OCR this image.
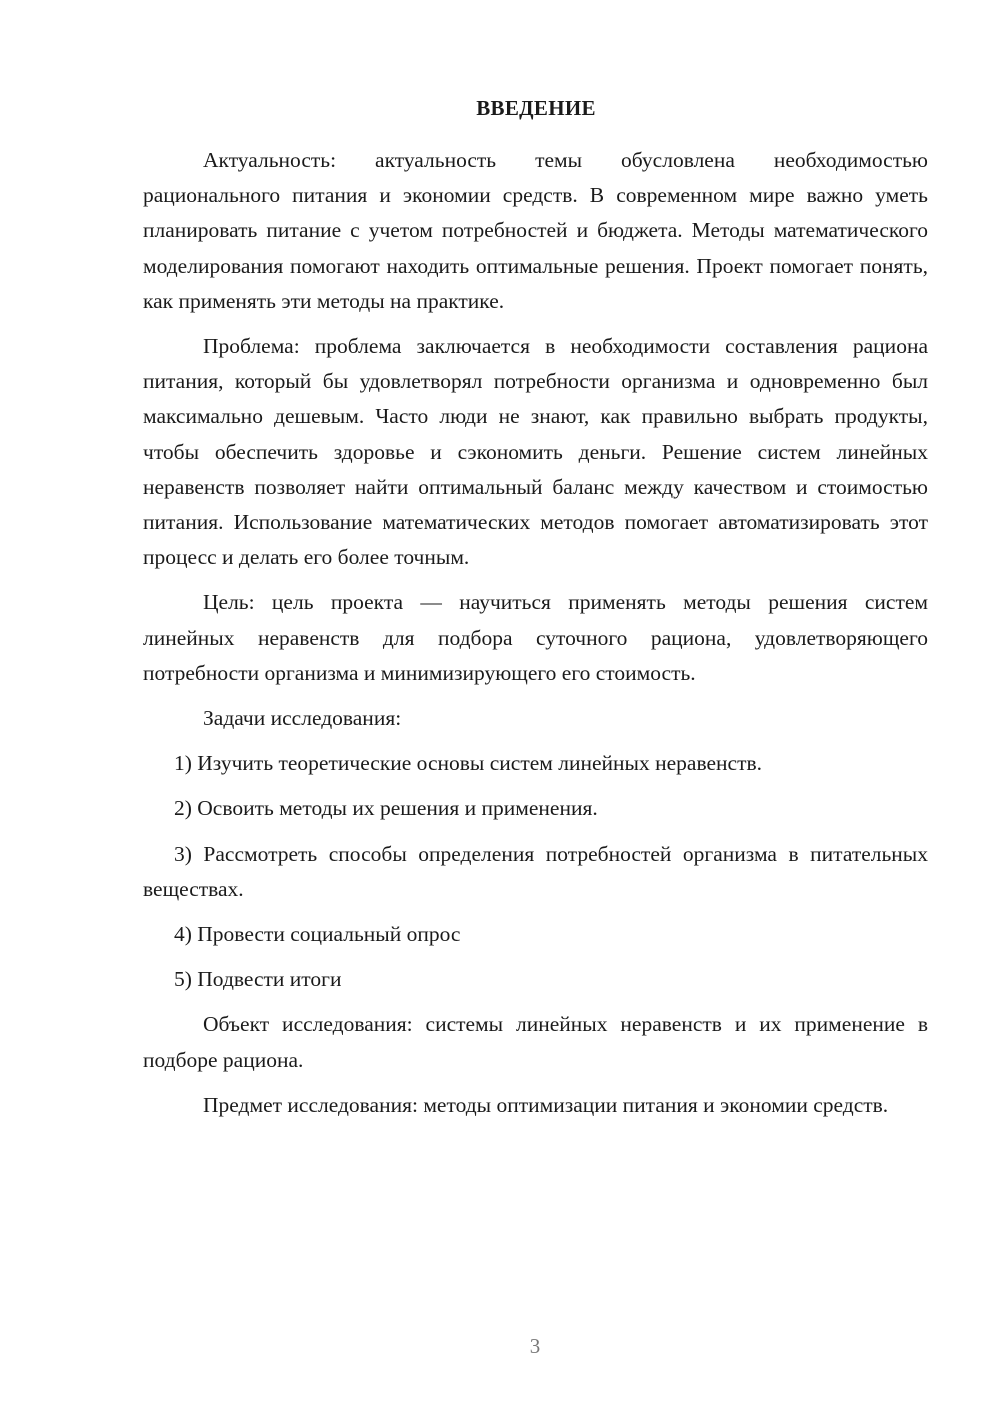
ВВЕДЕНИЕ

Актуальность: актуальность темы обусловлена необходимостью рационального питания и экономии средств. В современном мире важно уметь планировать питание с учетом потребностей и бюджета. Методы математического моделирования помогают находить оптимальные решения. Проект помогает понять, как применять эти методы на практике.

Проблема: проблема заключается в необходимости составления рациона питания, который бы удовлетворял потребности организма и одновременно был максимально дешевым. Часто люди не знают, как правильно выбрать продукты, чтобы обеспечить здоровье и сэкономить деньги. Решение систем линейных неравенств позволяет найти оптимальный баланс между качеством и стоимостью питания. Использование математических методов помогает автоматизировать этот процесс и делать его более точным.

Цель: цель проекта — научиться применять методы решения систем линейных неравенств для подбора суточного рациона, удовлетворяющего потребности организма и минимизирующего его стоимость.

Задачи исследования:

1) Изучить теоретические основы систем линейных неравенств.

2) Освоить методы их решения и применения.

3) Рассмотреть способы определения потребностей организма в питательных веществах.

4) Провести социальный опрос

5) Подвести итоги

Объект исследования: системы линейных неравенств и их применение в подборе рациона.

Предмет исследования: методы оптимизации питания и экономии средств.

3
